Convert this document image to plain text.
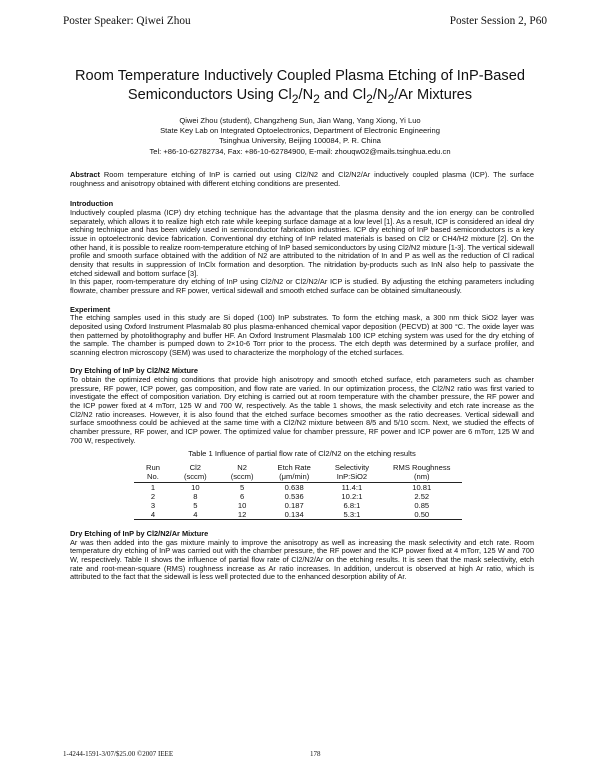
Poster Speaker: Qiwei Zhou	Poster Session 2, P60
Room Temperature Inductively Coupled Plasma Etching of InP-Based
Semiconductors Using $Cl_2/N_2$ and $Cl_2/N_2/Ar$ Mixtures
Qiwei Zhou (student), Changzheng Sun, Jian Wang, Yang Xiong, Yi Luo
State Key Lab on Integrated Optoelectronics, Department of Electronic Engineering
Tsinghua University, Beijing 100084, P. R. China
Tel: +86-10-62782734, Fax: +86-10-62784900, E-mail: zhouqw02@mails.tsinghua.edu.cn

Abstract Room temperature etching of InP is carried out using Cl2/N2 and Cl2/N2/Ar inductively coupled plasma (ICP). The surface roughness and anisotropy obtained with different etching conditions are presented.

Introduction

Inductively coupled plasma (ICP) dry etching technique has the advantage that the plasma density and the ion energy can be controlled separately, which allows it to realize high etch rate while keeping surface damage at a low level [1]. As a result, ICP is considered an ideal dry etching technique and has been widely used in semiconductor fabrication industries. ICP dry etching of InP based semiconductors is a key issue in optoelectronic device fabrication. Conventional dry etching of InP related materials is based on Cl2 or CH4/H2 mixture [2]. On the other hand, it is possible to realize room-temperature etching of InP based semiconductors by using Cl2/N2 mixture [1-3]. The vertical sidewall profile and smooth surface obtained with the addition of N2 are attributed to the nitridation of In and P as well as the reduction of Cl radical density that results in suppression of InClx formation and desorption. The nitridation by-products such as InN also help to passivate the etched sidewall and bottom surface [3].

In this paper, room-temperature dry etching of InP using Cl2/N2 or Cl2/N2/Ar ICP is studied. By adjusting the etching parameters including flowrate, chamber pressure and RF power, vertical sidewall and smooth etched surface can be obtained simultaneously.

Experiment

The etching samples used in this study are Si doped (100) InP substrates. To form the etching mask, a 300 nm thick SiO2 layer was deposited using Oxford Instrument Plasmalab 80 plus plasma-enhanced chemical vapor deposition (PECVD) at 300 °C. The oxide layer was then patterned by photolithography and buffer HF. An Oxford Instrument Plasmalab 100 ICP etching system was used for the dry etching of the sample. The chamber is pumped down to 2×10-6 Torr prior to the process. The etch depth was determined by a surface profiler, and scanning electron microscopy (SEM) was used to characterize the morphology of the etched surfaces.

Dry Etching of InP by Cl2/N2 Mixture

To obtain the optimized etching conditions that provide high anisotropy and smooth etched surface, etch parameters such as chamber pressure, RF power, ICP power, gas composition, and flow rate are varied. In our optimization process, the Cl2/N2 ratio was first varied to investigate the effect of composition variation. Dry etching is carried out at room temperature with the chamber pressure, the RF power and the ICP power fixed at 4 mTorr, 125 W and 700 W, respectively. As the table 1 shows, the mask selectivity and etch rate increase as the Cl2/N2 ratio increases. However, it is also found that the etched surface becomes smoother as the ratio decreases. Vertical sidewall and surface smoothness could be achieved at the same time with a Cl2/N2 mixture between 8/5 and 5/10 sccm. Next, we studied the effects of chamber pressure, RF power, and ICP power. The optimized value for chamber pressure, RF power and ICP power are 6 mTorr, 125 W and 700 W, respectively.

Table 1 Influence of partial flow rate of Cl2/N2 on the etching results

Run	Cl2	N2	Etch Rate	Selectivity	RMS Roughness
No.	(sccm)	(sccm)	(μm/min)	InP:SiO2	(nm)
1	10	5	0.638	11.4:1	10.81
2	8	6	0.536	10.2:1	2.52
3	5	10	0.187	6.8:1	0.85
4	4	12	0.134	5.3:1	0.50

Dry Etching of InP by Cl2/N2/Ar Mixture

Ar was then added into the gas mixture mainly to improve the anisotropy as well as increasing the mask selectivity and etch rate. Room temperature dry etching of InP was carried out with the chamber pressure, the RF power and the ICP power fixed at 4 mTorr, 125 W and 700 W, respectively. Table II shows the influence of partial flow rate of Cl2/N2/Ar on the etching results. It is seen that the mask selectivity, etch rate and root-mean-square (RMS) roughness increase as Ar ratio increases. In addition, undercut is observed at high Ar ratio, which is attributed to the fact that the sidewall is less well protected due to the enhanced desorption ability of Ar.

1-4244-1591-3/07/$25.00 ©2007 IEEE	178
